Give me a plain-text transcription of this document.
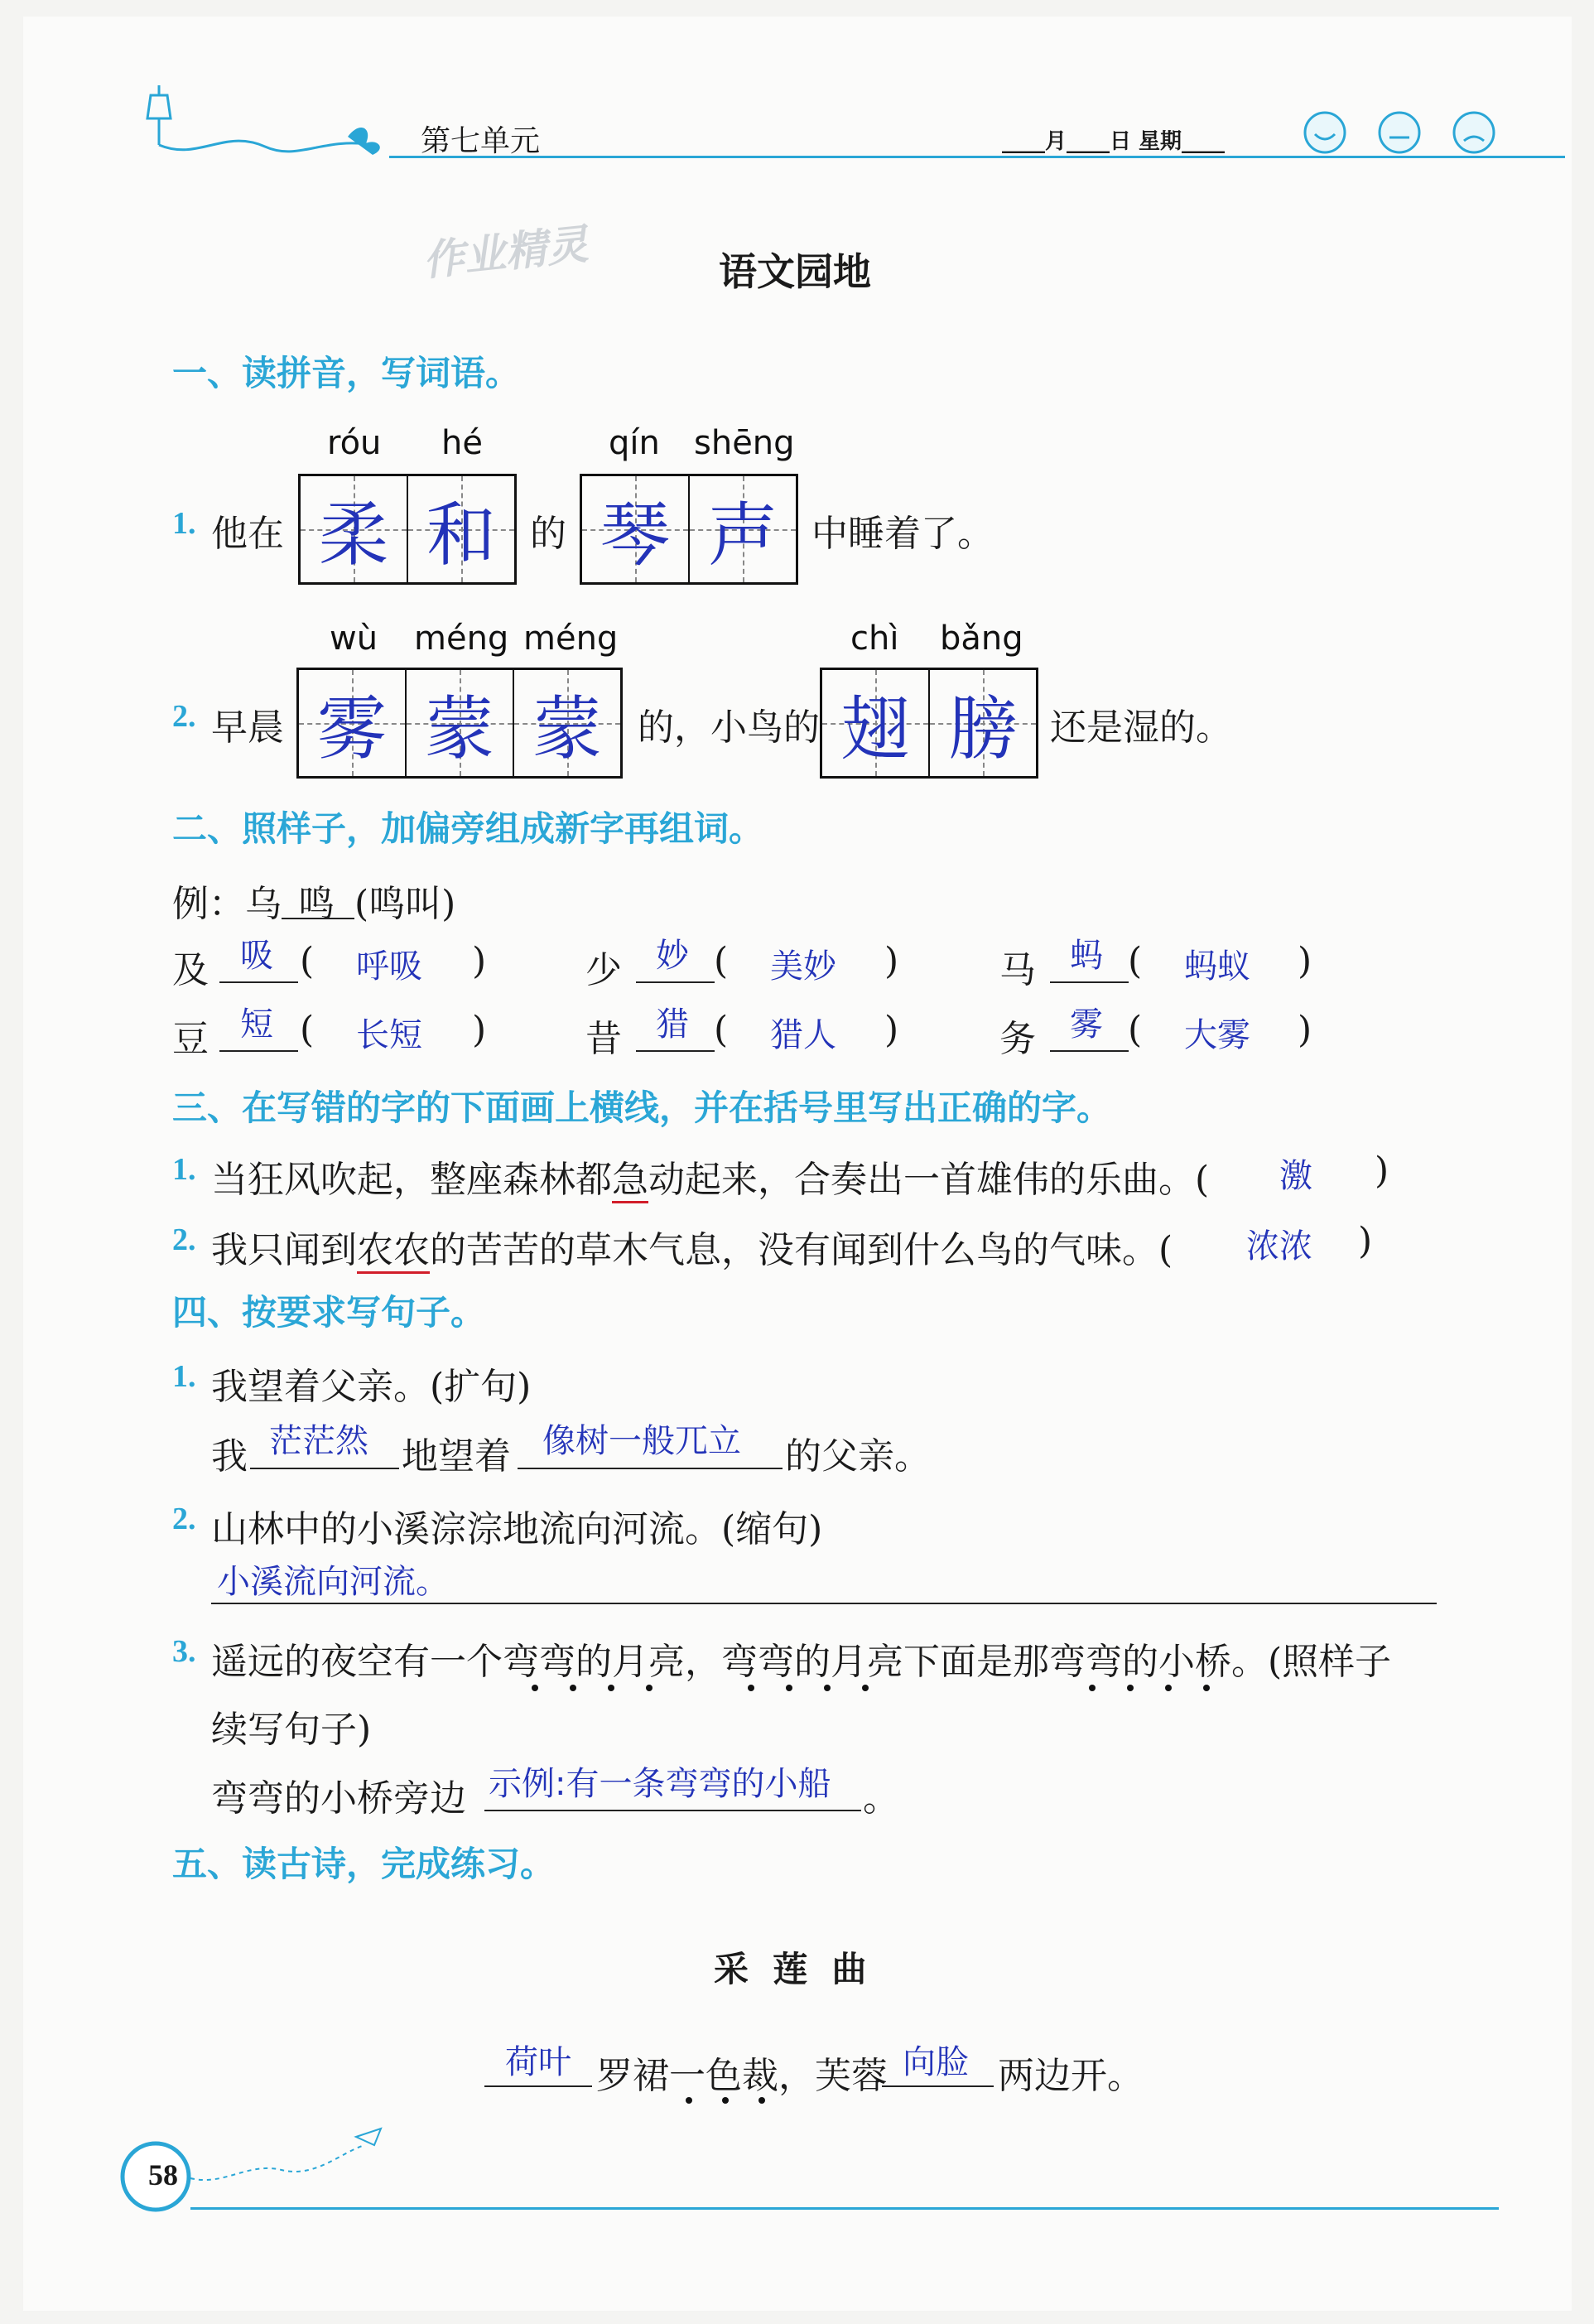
第七单元	____月____日 星期____
作业精灵	语文园地
一、读拼音，写词语。
róu hé	qín shēng
1. 他在 柔 和 的 琴 声 中睡着了。
wù méng méng	chì bǎng
2. 早晨 雾 蒙 蒙 的，小鸟的 翅 膀 还是湿的。
二、照样子，加偏旁组成新字再组词。
例：乌 鸣 (鸣叫)
及 吸 ( 呼吸 )	少 妙 ( 美妙 )	马 蚂 ( 蚂蚁 )
豆 短 ( 长短 )	昔 猎 ( 猎人 )	务 雾 ( 大雾 )
三、在写错的字的下面画上横线，并在括号里写出正确的字。
1. 当狂风吹起，整座森林都急动起来，合奏出一首雄伟的乐曲。( 激 )
2. 我只闻到农农的苦苦的草木气息，没有闻到什么鸟的气味。( 浓浓 )
四、按要求写句子。
1. 我望着父亲。(扩句)
我 茫茫然 地望着 像树一般兀立 的父亲。
2. 山林中的小溪淙淙地流向河流。(缩句)
小溪流向河流。
3. 遥远的夜空有一个弯弯的月亮，弯弯的月亮下面是那弯弯的小桥。(照样子
续写句子)
弯弯的小桥旁边 示例:有一条弯弯的小船 。
五、读古诗，完成练习。
采  莲  曲
荷叶 罗裙一色裁，芙蓉 向脸 两边开。
58
